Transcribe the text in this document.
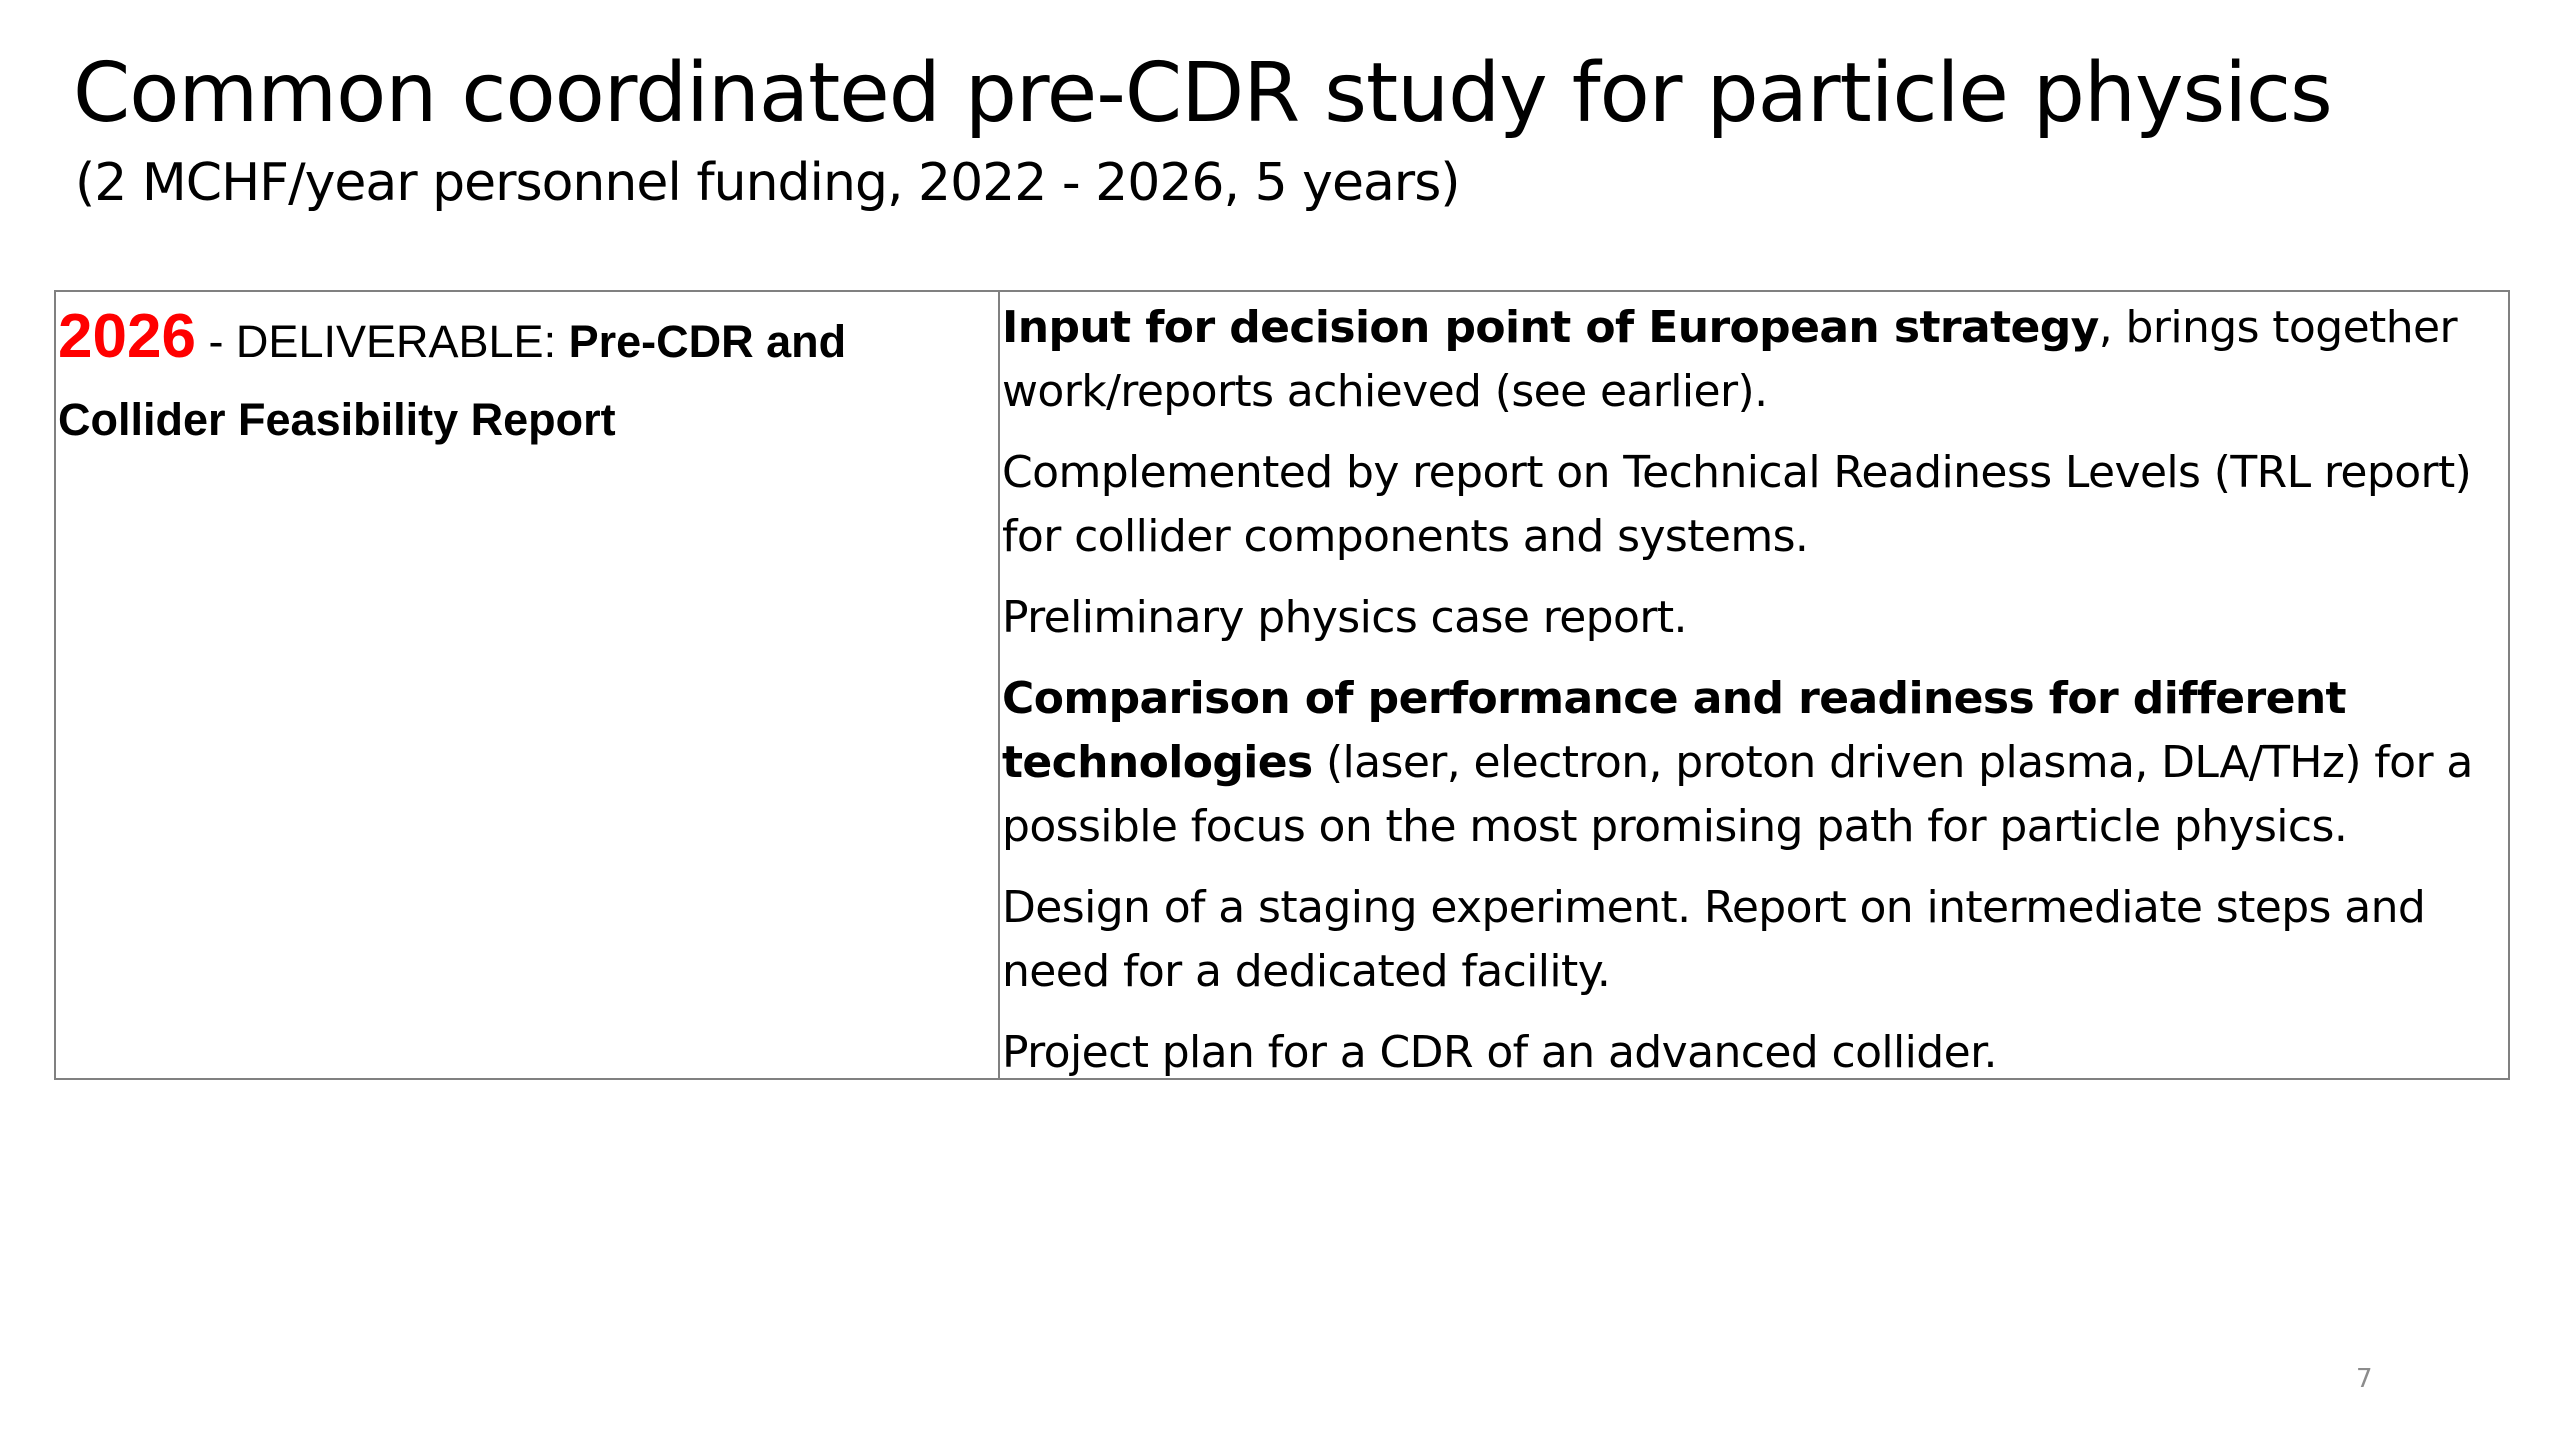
Common coordinated pre-CDR study for particle physics
(2 MCHF/year personnel funding, 2022 - 2026, 5 years)
2026 - DELIVERABLE: Pre-CDR and
Collider Feasibility Report
Input for decision point of European strategy, brings together
work/reports achieved (see earlier).
Complemented by report on Technical Readiness Levels (TRL report)
for collider components and systems.
Preliminary physics case report.
Comparison of performance and readiness for different
technologies (laser, electron, proton driven plasma, DLA/THz) for a
possible focus on the most promising path for particle physics.
Design of a staging experiment. Report on intermediate steps and
need for a dedicated facility.
Project plan for a CDR of an advanced collider.
7
